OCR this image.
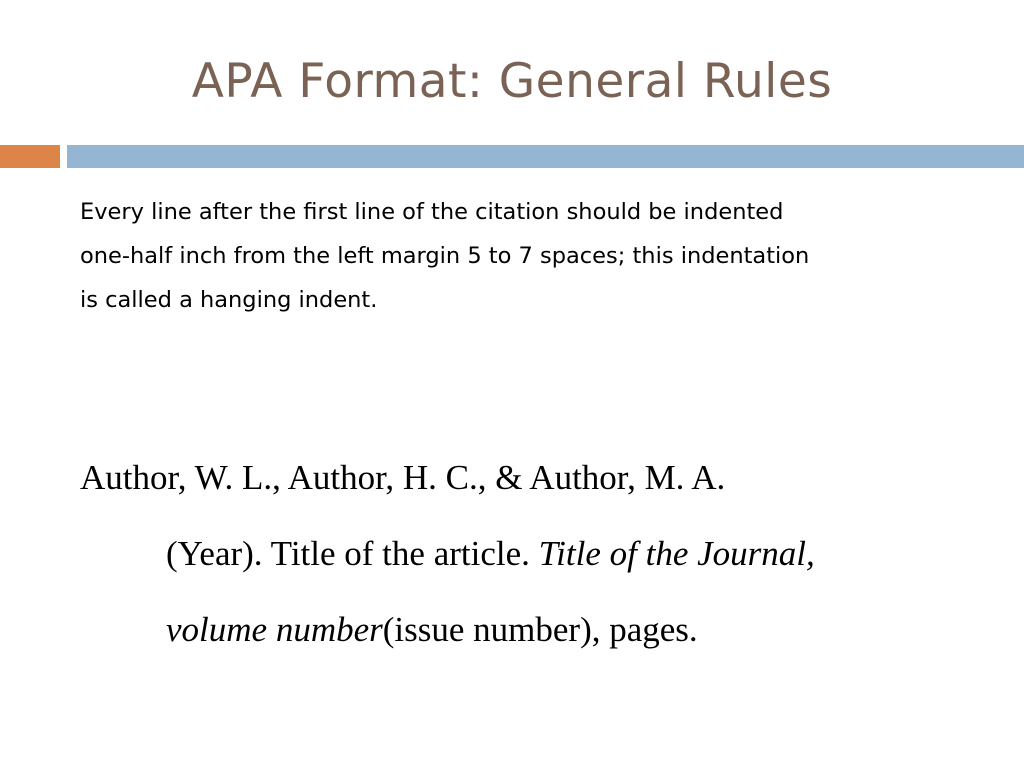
APA Format: General Rules
Every line after the first line of the citation should be indented one-half inch from the left margin 5 to 7 spaces; this indentation is called a hanging indent.
Author, W. L., Author, H. C., & Author, M. A.
(Year). Title of the article. Title of the Journal,
volume number(issue number), pages.
